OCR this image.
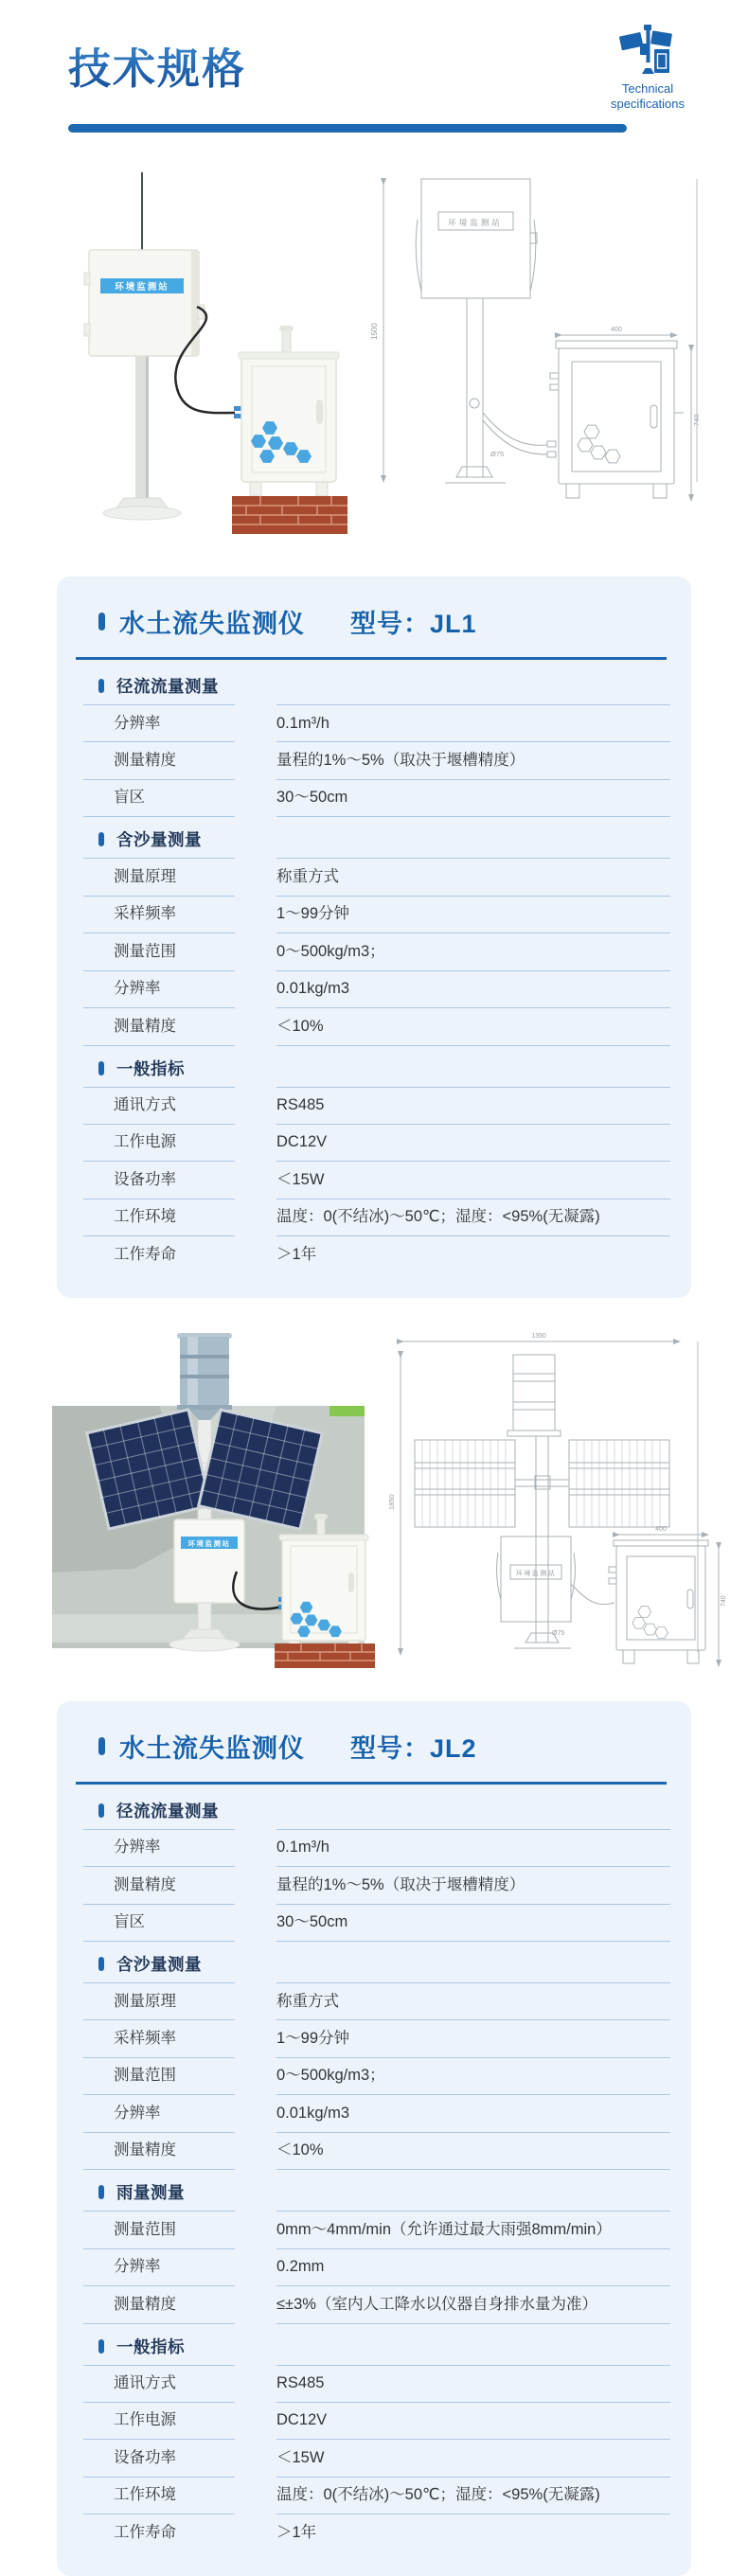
技术规格	Technical
specifications
环境监测站
1500
环境监测站
Ø75
400
740
水土流失监测仪 型号：JL1
径流流量测量
分辨率	0.1m³/h
测量精度	量程的1%～5%（取决于堰槽精度）
盲区	30～50cm
含沙量测量
测量原理	称重方式
采样频率	1～99分钟
测量范围	0～500kg/m3；
分辨率	0.01kg/m3
测量精度	＜10%
一般指标
通讯方式	RS485
工作电源	DC12V
设备功率	＜15W
工作环境	温度：0(不结冰)～50℃；湿度：<95%(无凝露)
工作寿命	＞1年
环境监测站
1350
1850
环境监测站
Ø75
400
740
水土流失监测仪 型号：JL2
径流流量测量
分辨率	0.1m³/h
测量精度	量程的1%～5%（取决于堰槽精度）
盲区	30～50cm
含沙量测量
测量原理	称重方式
采样频率	1～99分钟
测量范围	0～500kg/m3；
分辨率	0.01kg/m3
测量精度	＜10%
雨量测量
测量范围	0mm～4mm/min（允许通过最大雨强8mm/min）
分辨率	0.2mm
测量精度	≤±3%（室内人工降水以仪器自身排水量为准）
一般指标
通讯方式	RS485
工作电源	DC12V
设备功率	＜15W
工作环境	温度：0(不结冰)～50℃；湿度：<95%(无凝露)
工作寿命	＞1年
